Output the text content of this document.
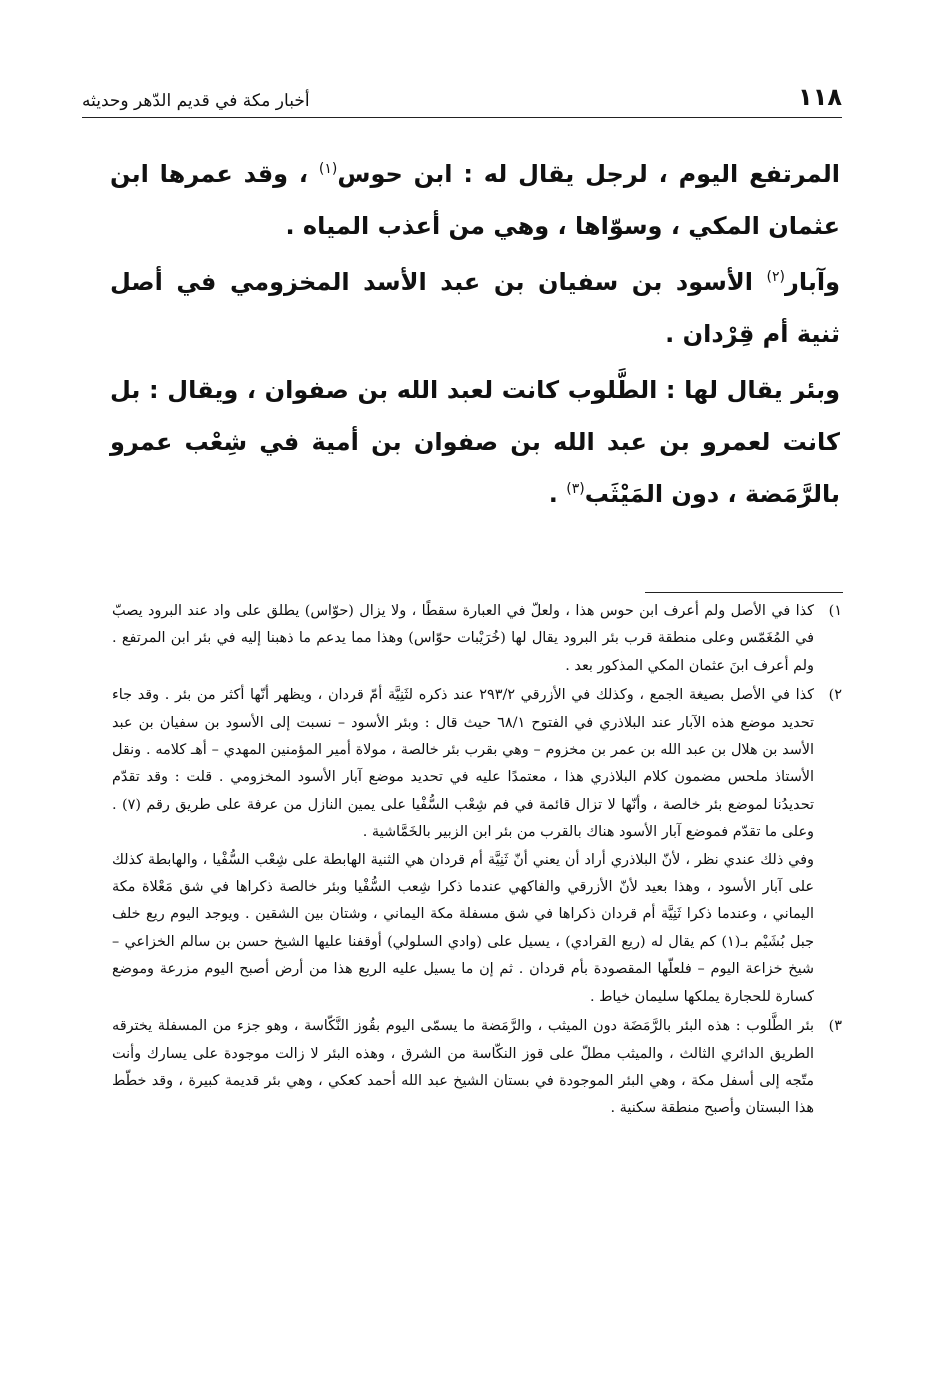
١١٨
أخبار مكة في قديم الدّهر وحديثه

المرتفع اليوم ، لرجل يقال له : ابن حوس$^{(١)}$ ، وقد عمرها ابن عثمان المكي ، وسوّاها ، وهي من أعذب المياه .

وآبار$^{(٢)}$ الأسود بن سفيان بن عبد الأسد المخزومي في أصل ثنية أم قِرْدان .

وبئر يقال لها : الطَّلوب كانت لعبد الله بن صفوان ، ويقال : بل كانت لعمرو بن عبد الله بن صفوان بن أمية في شِعْب عمرو بالرَّمَضة ، دون المَيْثَب$^{(٣)}$ .

١)

كذا في الأصل ولم أعرف ابن حوس هذا ، ولعلّ في العبارة سقطًا ، ولا يزال (حوّاس) يطلق على واد عند البرود يصبّ في المُغَمّس وعلى منطقة قرب بئر البرود يقال لها (خُرَيْبات حوّاس) وهذا مما يدعم ما ذهبنا إليه في بئر ابن المرتفع . ولم أعرف ابنَ عثمان المكي المذكور بعد .

٢)

كذا في الأصل بصيغة الجمع ، وكذلك في الأزرقي ٢٩٣/٢ عند ذكره لثَنِيَّة أمّ قردان ، ويظهر أنّها أكثر من بئر . وقد جاء تحديد موضع هذه الآبار عند البلاذري في الفتوح ٦٨/١ حيث قال : وبئر الأسود – نسبت إلى الأسود بن سفيان بن عبد الأسد بن هلال بن عبد الله بن عمر بن مخزوم – وهي بقرب بئر خالصة ، مولاة أمير المؤمنين المهدي – أهـ كلامه . ونقل الأستاذ ملحس مضمون كلام البلاذري هذا ، معتمدًا عليه في تحديد موضع آبار الأسود المخزومي . قلت : وقد تقدّم تحديدُنا لموضع بئر خالصة ، وأنّها لا تزال قائمة في فم شِعْب السُّفْيا على يمين النازل من عرفة على طريق رقم (٧) . وعلى ما تقدّم فموضع آبار الأسود هناك بالقرب من بئر ابن الزبير بالخَمَّاشية .

وفي ذلك عندي نظر ، لأنّ البلاذري أراد أن يعني أنّ ثَنِيَّة أم قردان هي الثنية الهابطة على شِعْب السُّفْيا ، والهابطة كذلك على آبار الأسود ، وهذا بعيد لأنّ الأزرقي والفاكهي عندما ذكرا شِعب السُّفْيا وبئر خالصة ذكراها في شق مَعْلاة مكة اليماني ، وعندما ذكرا ثَنِيَّة أم قردان ذكراها في شق مسفلة مكة اليماني ، وشتان بين الشقين . ويوجد اليوم ريع خلف جبل بُشَيْم بـ(١) كم يقال له (ريع القرادي) ، يسيل على (وادي السلولي) أوقفنا عليها الشيخ حسن بن سالم الخزاعي – شيخ خزاعة اليوم – فلعلّها المقصودة بأم قردان . ثم إن ما يسيل عليه الريع هذا من أرض أصبح اليوم مزرعة وموضع كسارة للحجارة يملكها سليمان خياط .

٣)

بئر الطَّلوب : هذه البئر بالرَّمَضَة دون الميثب ، والرَّمَضة ما يسمّى اليوم بقُوز النَّكّاسة ، وهو جزء من المسفلة يخترقه الطريق الدائري الثالث ، والميثب مطلّ على قوز النكّاسة من الشرق ، وهذه البئر لا زالت موجودة على يسارك وأنت متّجه إلى أسفل مكة ، وهي البئر الموجودة في بستان الشيخ عبد الله أحمد كعكي ، وهي بئر قديمة كبيرة ، وقد خطّط هذا البستان وأصبح منطقة سكنية .
